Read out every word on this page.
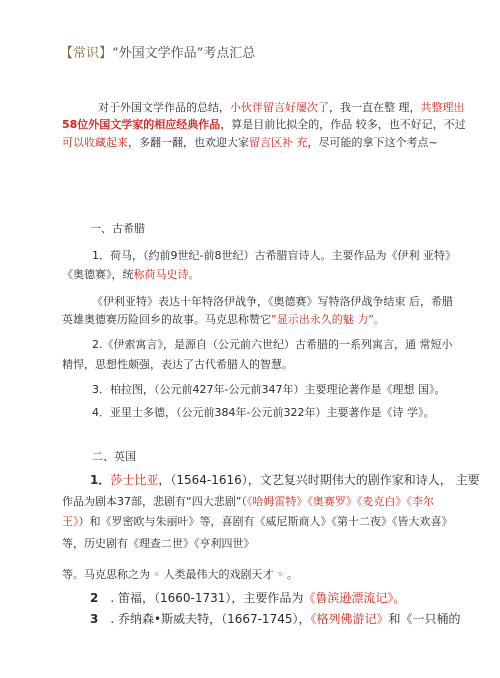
【常识】“外国文学作品”考点汇总
对于外国文学作品的总结，小伙伴留言好屡次了，我一直在整 理，共整理出
58位外国文学家的相应经典作品，算是目前比拟全的，作品 较多，也不好记，不过
可以收藏起来，多翻一翻，也欢迎大家留言区补 充，尽可能的拿下这个考点~
一、古希腊
1．荷马，（约前9世纪-前8世纪）古希腊盲诗人。主要作品为《伊利 亚特》
《奥德赛》，统称荷马史诗。
《伊利亚特》表达十年特洛伊战争，《奥德赛》写特洛伊战争结束 后，希腊
英雄奥德赛历险回乡的故事。马克思称赞它”显示出永久的魅 力”。
2.《伊索寓言》，是源自（公元前六世纪）古希腊的一系列寓言，通 常短小
精悍，思想性颇强，表达了古代希腊人的智慧。
3．柏拉图，（公元前427年-公元前347年）主要理论著作是《理想 国》。
4．亚里士多德，（公元前384年-公元前322年）主要著作是《诗 学》。
二、英国
1．莎士比亚，（1564-1616），文艺复兴时期伟大的剧作家和诗人， 主要
作品为剧本37部，悲剧有“四大悲剧”（《哈姆雷特》《奥赛罗》《麦克白》《李尔
王》）和《罗密欧与朱丽叶》等，喜剧有《威尼斯商人》《第十二夜》《皆大欢喜》
等，历史剧有《理查二世》《亨利四世》
等。马克思称之为 ◦ 人类最伟大的戏剧天才 ◦ 。
2 . 笛福，（1660-1731），主要作品为《鲁滨逊漂流记》。
3 . 乔纳森•斯威夫特，（1667-1745），《格列佛游记》和《一只桶的
